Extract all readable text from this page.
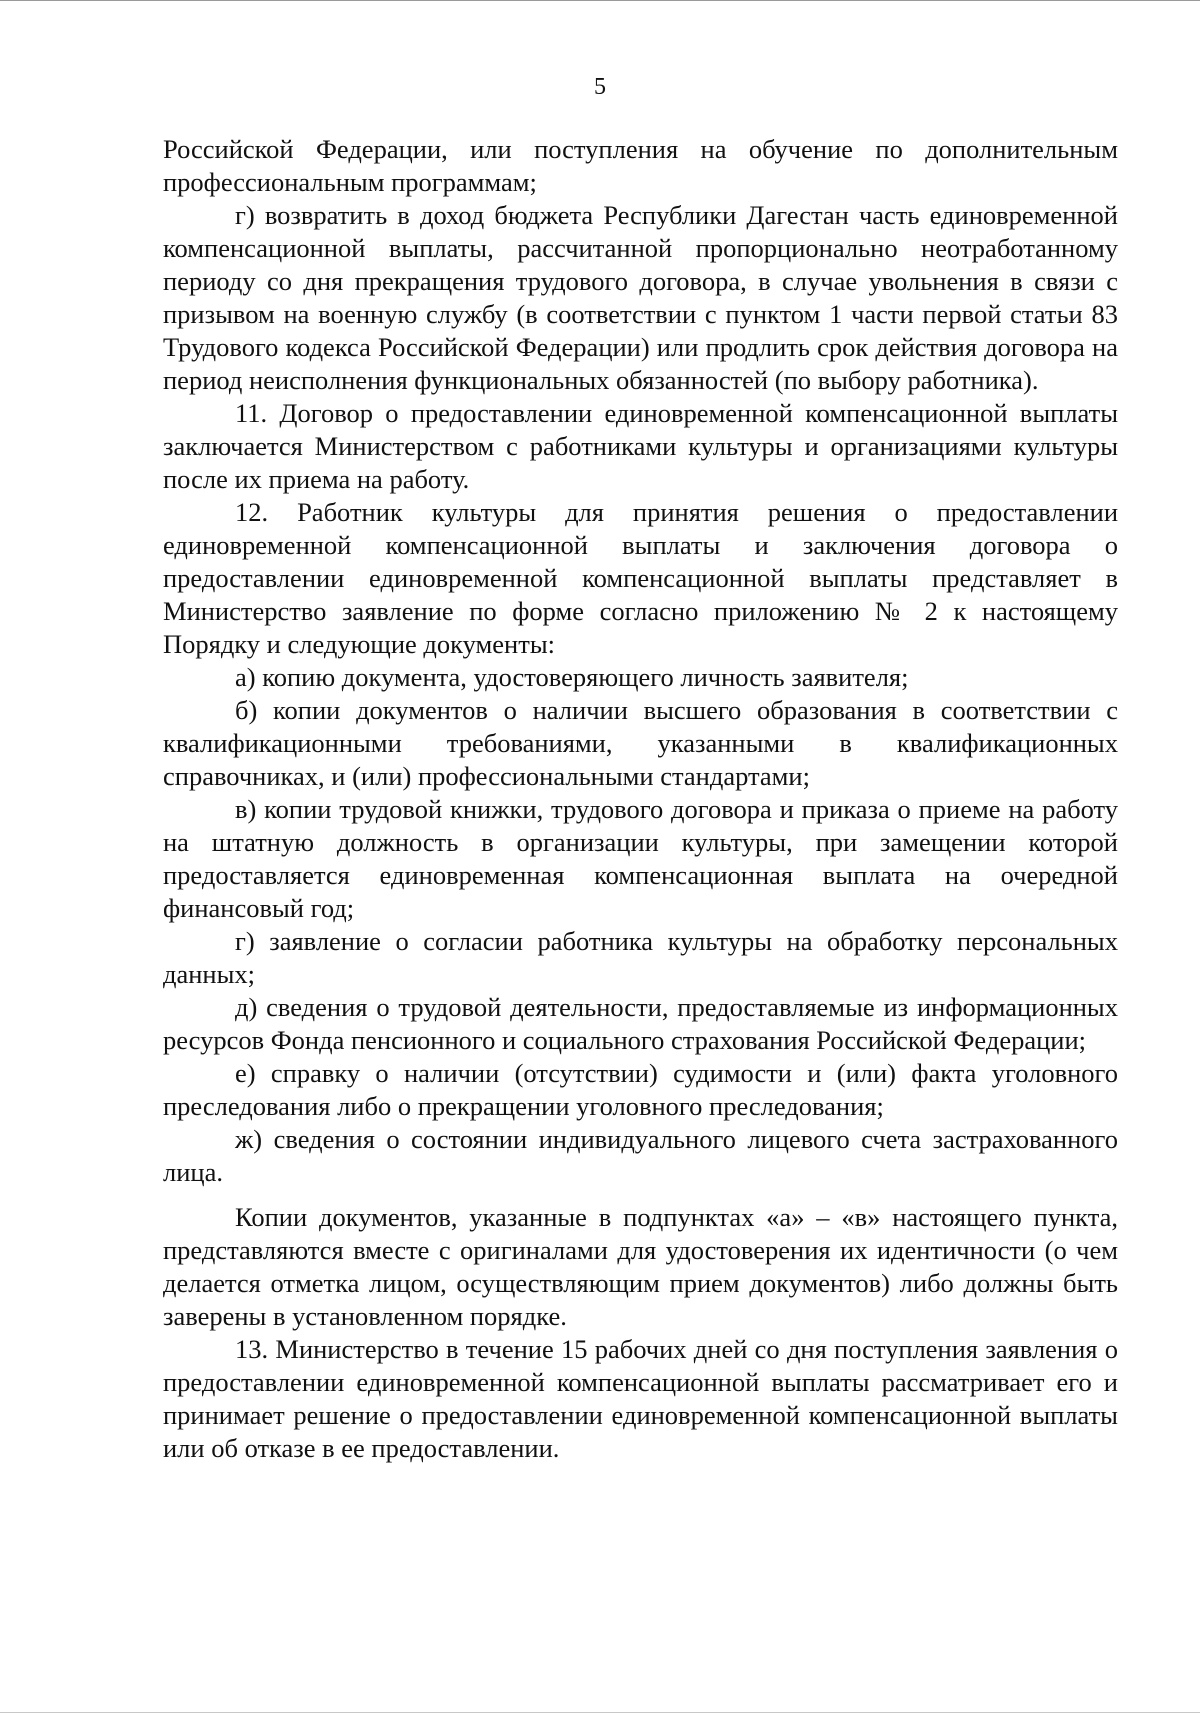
5

Российской Федерации, или поступления на обучение по дополнительным профессиональным программам;

г) возвратить в доход бюджета Республики Дагестан часть единовременной компенсационной выплаты, рассчитанной пропорционально неотработанному периоду со дня прекращения трудового договора, в случае увольнения в связи с призывом на военную службу (в соответствии с пунктом 1 части первой статьи 83 Трудового кодекса Российской Федерации) или продлить срок действия договора на период неисполнения функциональных обязанностей (по выбору работника).

11. Договор о предоставлении единовременной компенсационной выплаты заключается Министерством с работниками культуры и организациями культуры после их приема на работу.

12. Работник культуры для принятия решения о предоставлении единовременной компенсационной выплаты и заключения договора о предоставлении единовременной компенсационной выплаты представляет в Министерство заявление по форме согласно приложению № 2 к настоящему Порядку и следующие документы:

а) копию документа, удостоверяющего личность заявителя;

б) копии документов о наличии высшего образования в соответствии с квалификационными требованиями, указанными в квалификационных справочниках, и (или) профессиональными стандартами;

в) копии трудовой книжки, трудового договора и приказа о приеме на работу на штатную должность в организации культуры, при замещении которой предоставляется единовременная компенсационная выплата на очередной финансовый год;

г) заявление о согласии работника культуры на обработку персональных данных;

д) сведения о трудовой деятельности, предоставляемые из информационных ресурсов Фонда пенсионного и социального страхования Российской Федерации;

е) справку о наличии (отсутствии) судимости и (или) факта уголовного преследования либо о прекращении уголовного преследования;

ж) сведения о состоянии индивидуального лицевого счета застрахованного лица.

Копии документов, указанные в подпунктах «а» – «в» настоящего пункта, представляются вместе с оригиналами для удостоверения их идентичности (о чем делается отметка лицом, осуществляющим прием документов) либо должны быть заверены в установленном порядке.

13. Министерство в течение 15 рабочих дней со дня поступления заявления о предоставлении единовременной компенсационной выплаты рассматривает его и принимает решение о предоставлении единовременной компенсационной выплаты или об отказе в ее предоставлении.
